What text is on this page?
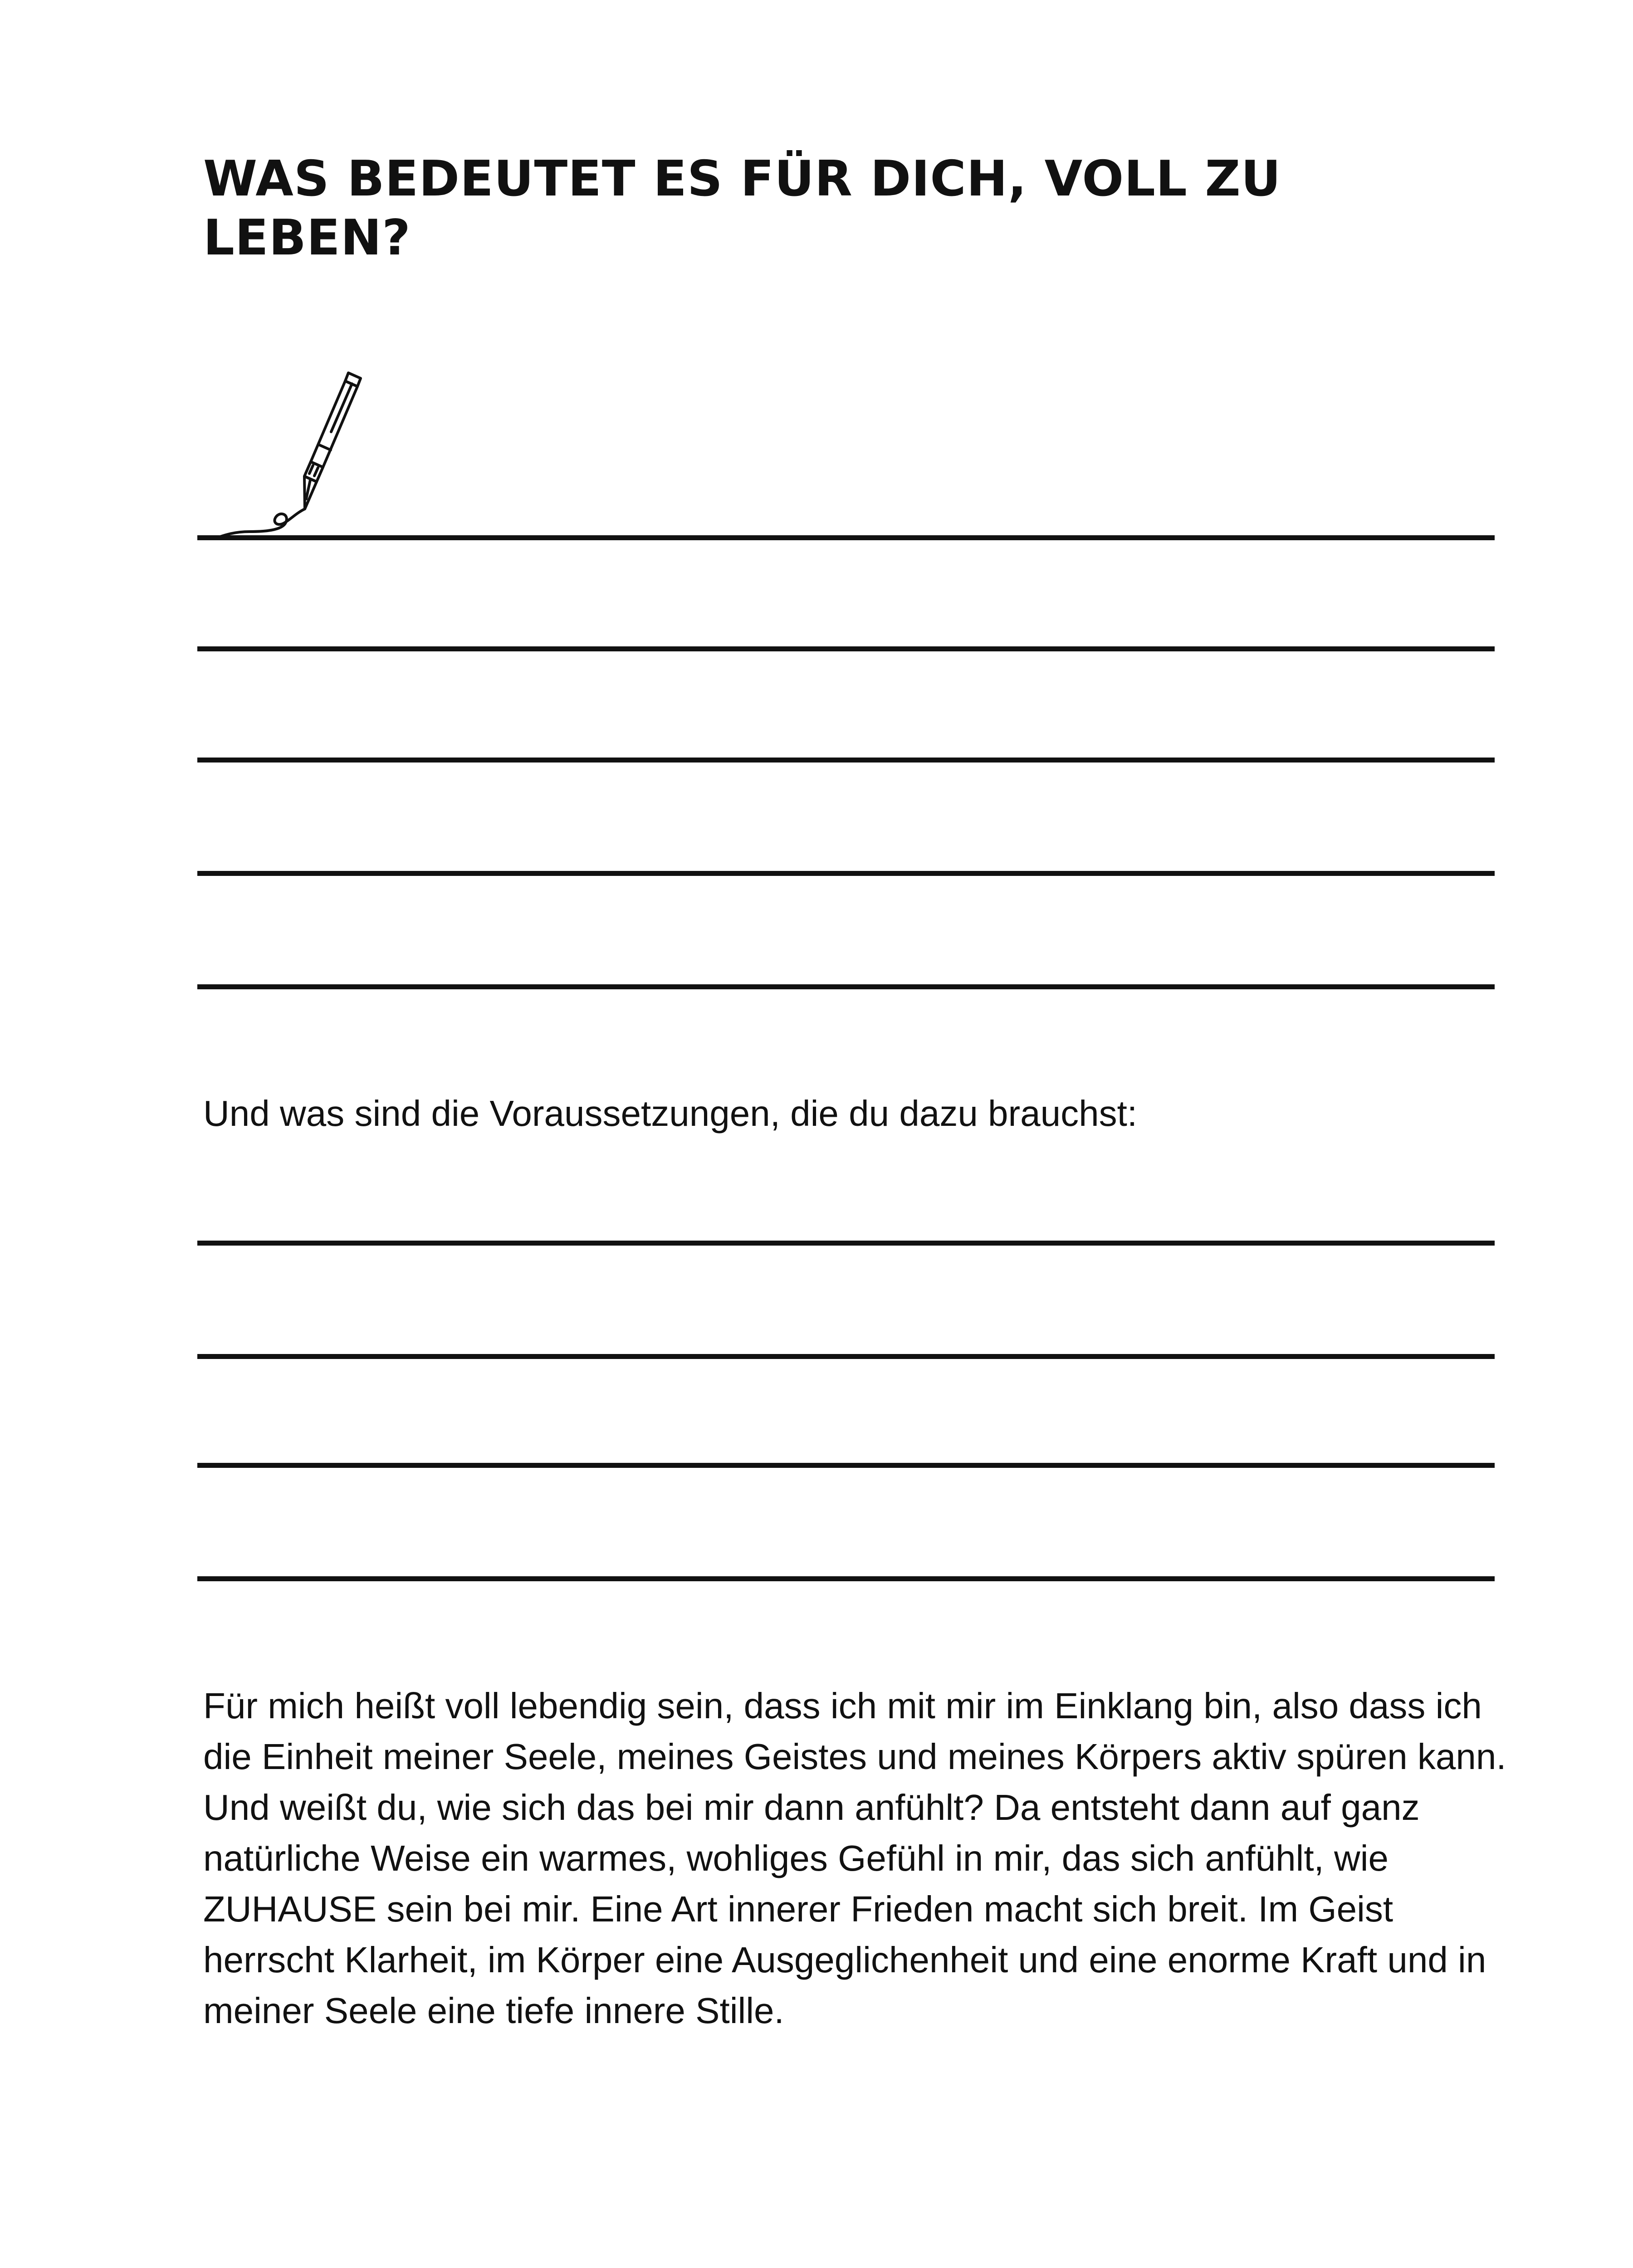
WAS BEDEUTET ES FÜR DICH, VOLL ZU LEBEN?

Und was sind die Voraussetzungen, die du dazu brauchst:

Für mich heißt voll lebendig sein, dass ich mit mir im Einklang bin, also dass ich die Einheit meiner Seele, meines Geistes und meines Körpers aktiv spüren kann. Und weißt du, wie sich das bei mir dann anfühlt? Da entsteht dann auf ganz natürliche Weise ein warmes, wohliges Gefühl in mir, das sich anfühlt, wie ZUHAUSE sein bei mir. Eine Art innerer Frieden macht sich breit. Im Geist herrscht Klarheit, im Körper eine Ausgeglichenheit und eine enorme Kraft und in meiner Seele eine tiefe innere Stille.
